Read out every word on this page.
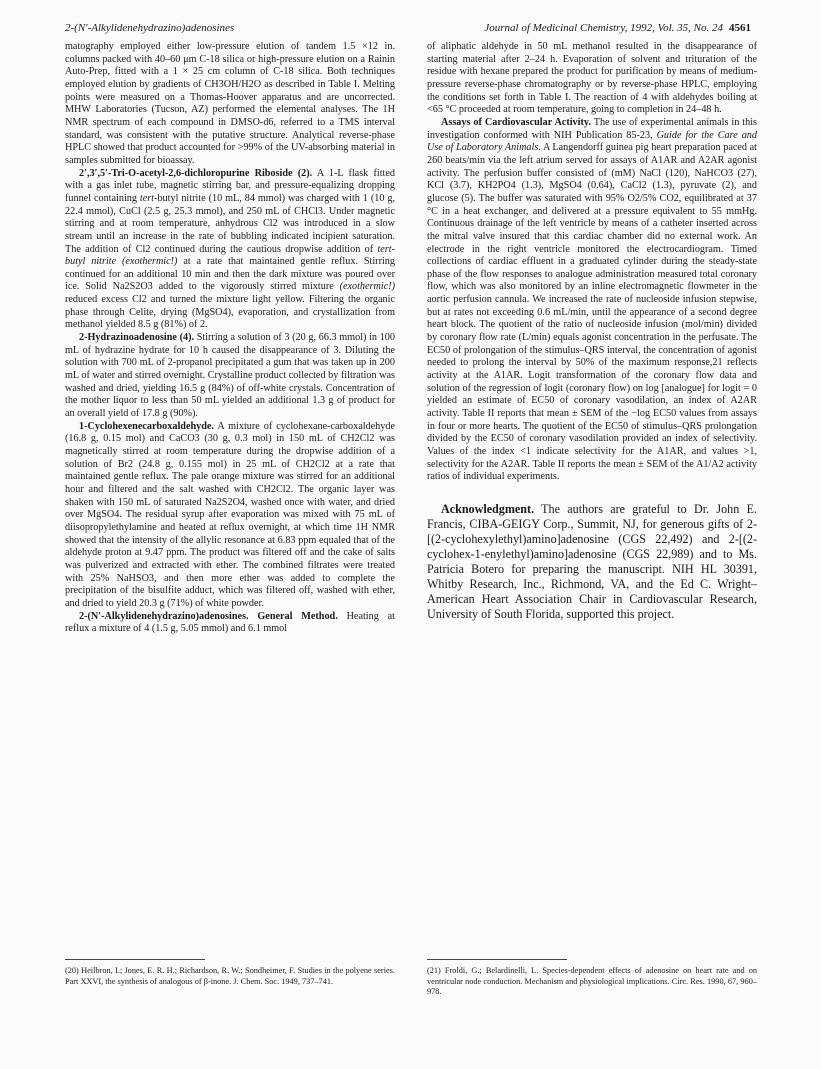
2-(N′-Alkylidenehydrazino)adenosines	Journal of Medicinal Chemistry, 1992, Vol. 35, No. 24 4561

matography employed either low-pressure elution of tandem 1.5 ×12 in. columns packed with 40–60 μm C-18 silica or high-pressure elution on a Rainin Auto-Prep, fitted with a 1 × 25 cm column of C-18 silica. Both techniques employed elution by gradients of CH3OH/H2O as described in Table I. Melting points were measured on a Thomas-Hoover apparatus and are uncorrected. MHW Laboratories (Tucson, AZ) performed the elemental analyses. The 1H NMR spectrum of each compound in DMSO-d6, referred to a TMS interval standard, was consistent with the putative structure. Analytical reverse-phase HPLC showed that product accounted for >99% of the UV-absorbing material in samples submitted for bioassay.

2′,3′,5′-Tri-O-acetyl-2,6-dichloropurine Riboside (2). A 1-L flask fitted with a gas inlet tube, magnetic stirring bar, and pressure-equalizing dropping funnel containing tert-butyl nitrite (10 mL, 84 mmol) was charged with 1 (10 g, 22.4 mmol), CuCl (2.5 g, 25.3 mmol), and 250 mL of CHCl3. Under magnetic stirring and at room temperature, anhydrous Cl2 was introduced in a slow stream until an increase in the rate of bubbling indicated incipient saturation. The addition of Cl2 continued during the cautious dropwise addition of tert-butyl nitrite (exothermic!) at a rate that maintained gentle reflux. Stirring continued for an additional 10 min and then the dark mixture was poured over ice. Solid Na2S2O3 added to the vigorously stirred mixture (exothermic!) reduced excess Cl2 and turned the mixture light yellow. Filtering the organic phase through Celite, drying (MgSO4), evaporation, and crystallization from methanol yielded 8.5 g (81%) of 2.

2-Hydrazinoadenosine (4). Stirring a solution of 3 (20 g, 66.3 mmol) in 100 mL of hydrazine hydrate for 10 h caused the disappearance of 3. Diluting the solution with 700 mL of 2-propanol precipitated a gum that was taken up in 200 mL of water and stirred overnight. Crystalline product collected by filtration was washed and dried, yielding 16.5 g (84%) of off-white crystals. Concentration of the mother liquor to less than 50 mL yielded an additional 1.3 g of product for an overall yield of 17.8 g (90%).

1-Cyclohexenecarboxaldehyde. A mixture of cyclohexane-carboxaldehyde (16.8 g, 0.15 mol) and CaCO3 (30 g, 0.3 mol) in 150 mL of CH2Cl2 was magnetically stirred at room temperature during the dropwise addition of a solution of Br2 (24.8 g, 0.155 mol) in 25 mL of CH2Cl2 at a rate that maintained gentle reflux. The pale orange mixture was stirred for an additional hour and filtered and the salt washed with CH2Cl2. The organic layer was shaken with 150 mL of saturated Na2S2O4, washed once with water, and dried over MgSO4. The residual syrup after evaporation was mixed with 75 mL of diisopropylethylamine and heated at reflux overnight, at which time 1H NMR showed that the intensity of the allylic resonance at 6.83 ppm equaled that of the aldehyde proton at 9.47 ppm. The product was filtered off and the cake of salts was pulverized and extracted with ether. The combined filtrates were treated with 25% NaHSO3, and then more ether was added to complete the precipitation of the bisulfite adduct, which was filtered off, washed with ether, and dried to yield 20.3 g (71%) of white powder.

2-(N′-Alkylidenehydrazino)adenosines. General Method. Heating at reflux a mixture of 4 (1.5 g, 5.05 mmol) and 6.1 mmol

of aliphatic aldehyde in 50 mL methanol resulted in the disappearance of starting material after 2–24 h. Evaporation of solvent and trituration of the residue with hexane prepared the product for purification by means of medium-pressure reverse-phase chromatography or by reverse-phase HPLC, employing the conditions set forth in Table I. The reaction of 4 with aldehydes boiling at <65 °C proceeded at room temperature, going to completion in 24–48 h.

Assays of Cardiovascular Activity. The use of experimental animals in this investigation conformed with NIH Publication 85-23, Guide for the Care and Use of Laboratory Animals. A Langendorff guinea pig heart preparation paced at 260 beats/min via the left atrium served for assays of A1AR and A2AR agonist activity. The perfusion buffer consisted of (mM) NaCl (120), NaHCO3 (27), KCl (3.7), KH2PO4 (1.3), MgSO4 (0.64), CaCl2 (1.3), pyruvate (2), and glucose (5). The buffer was saturated with 95% O2/5% CO2, equilibrated at 37 °C in a heat exchanger, and delivered at a pressure equivalent to 55 mmHg. Continuous drainage of the left ventricle by means of a catheter inserted across the mitral valve insured that this cardiac chamber did no external work. An electrode in the right ventricle monitored the electrocardiogram. Timed collections of cardiac effluent in a graduated cylinder during the steady-state phase of the flow responses to analogue administration measured total coronary flow, which was also monitored by an inline electromagnetic flowmeter in the aortic perfusion cannula. We increased the rate of nucleoside infusion stepwise, but at rates not exceeding 0.6 mL/min, until the appearance of a second degree heart block. The quotient of the ratio of nucleoside infusion (mol/min) divided by coronary flow rate (L/min) equals agonist concentration in the perfusate. The EC50 of prolongation of the stimulus–QRS interval, the concentration of agonist needed to prolong the interval by 50% of the maximum response,21 reflects activity at the A1AR. Logit transformation of the coronary flow data and solution of the regression of logit (coronary flow) on log [analogue] for logit = 0 yielded an estimate of EC50 of coronary vasodilation, an index of A2AR activity. Table II reports that mean ± SEM of the −log EC50 values from assays in four or more hearts. The quotient of the EC50 of stimulus–QRS prolongation divided by the EC50 of coronary vasodilation provided an index of selectivity. Values of the index <1 indicate selectivity for the A1AR, and values >1, selectivity for the A2AR. Table II reports the mean ± SEM of the A1/A2 activity ratios of individual experiments.

Acknowledgment. The authors are grateful to Dr. John E. Francis, CIBA-GEIGY Corp., Summit, NJ, for generous gifts of 2-[(2-cyclohexylethyl)amino]adenosine (CGS 22,492) and 2-[(2-cyclohex-1-enylethyl)amino]adenosine (CGS 22,989) and to Ms. Patricia Botero for preparing the manuscript. NIH HL 30391, Whitby Research, Inc., Richmond, VA, and the Ed C. Wright–American Heart Association Chair in Cardiovascular Research, University of South Florida, supported this project.

(20) Heilbron, I.; Jones, E. R. H.; Richardson, R. W.; Sondheimer, F. Studies in the polyene series. Part XXVI, the synthesis of analogous of β-inone. J. Chem. Soc. 1949, 737–741.

(21) Froldi, G.; Belardinelli, L. Species-dependent effects of adenosine on heart rate and on ventricular node conduction. Mechanism and physiological implications. Circ. Res. 1990, 67, 960–978.
